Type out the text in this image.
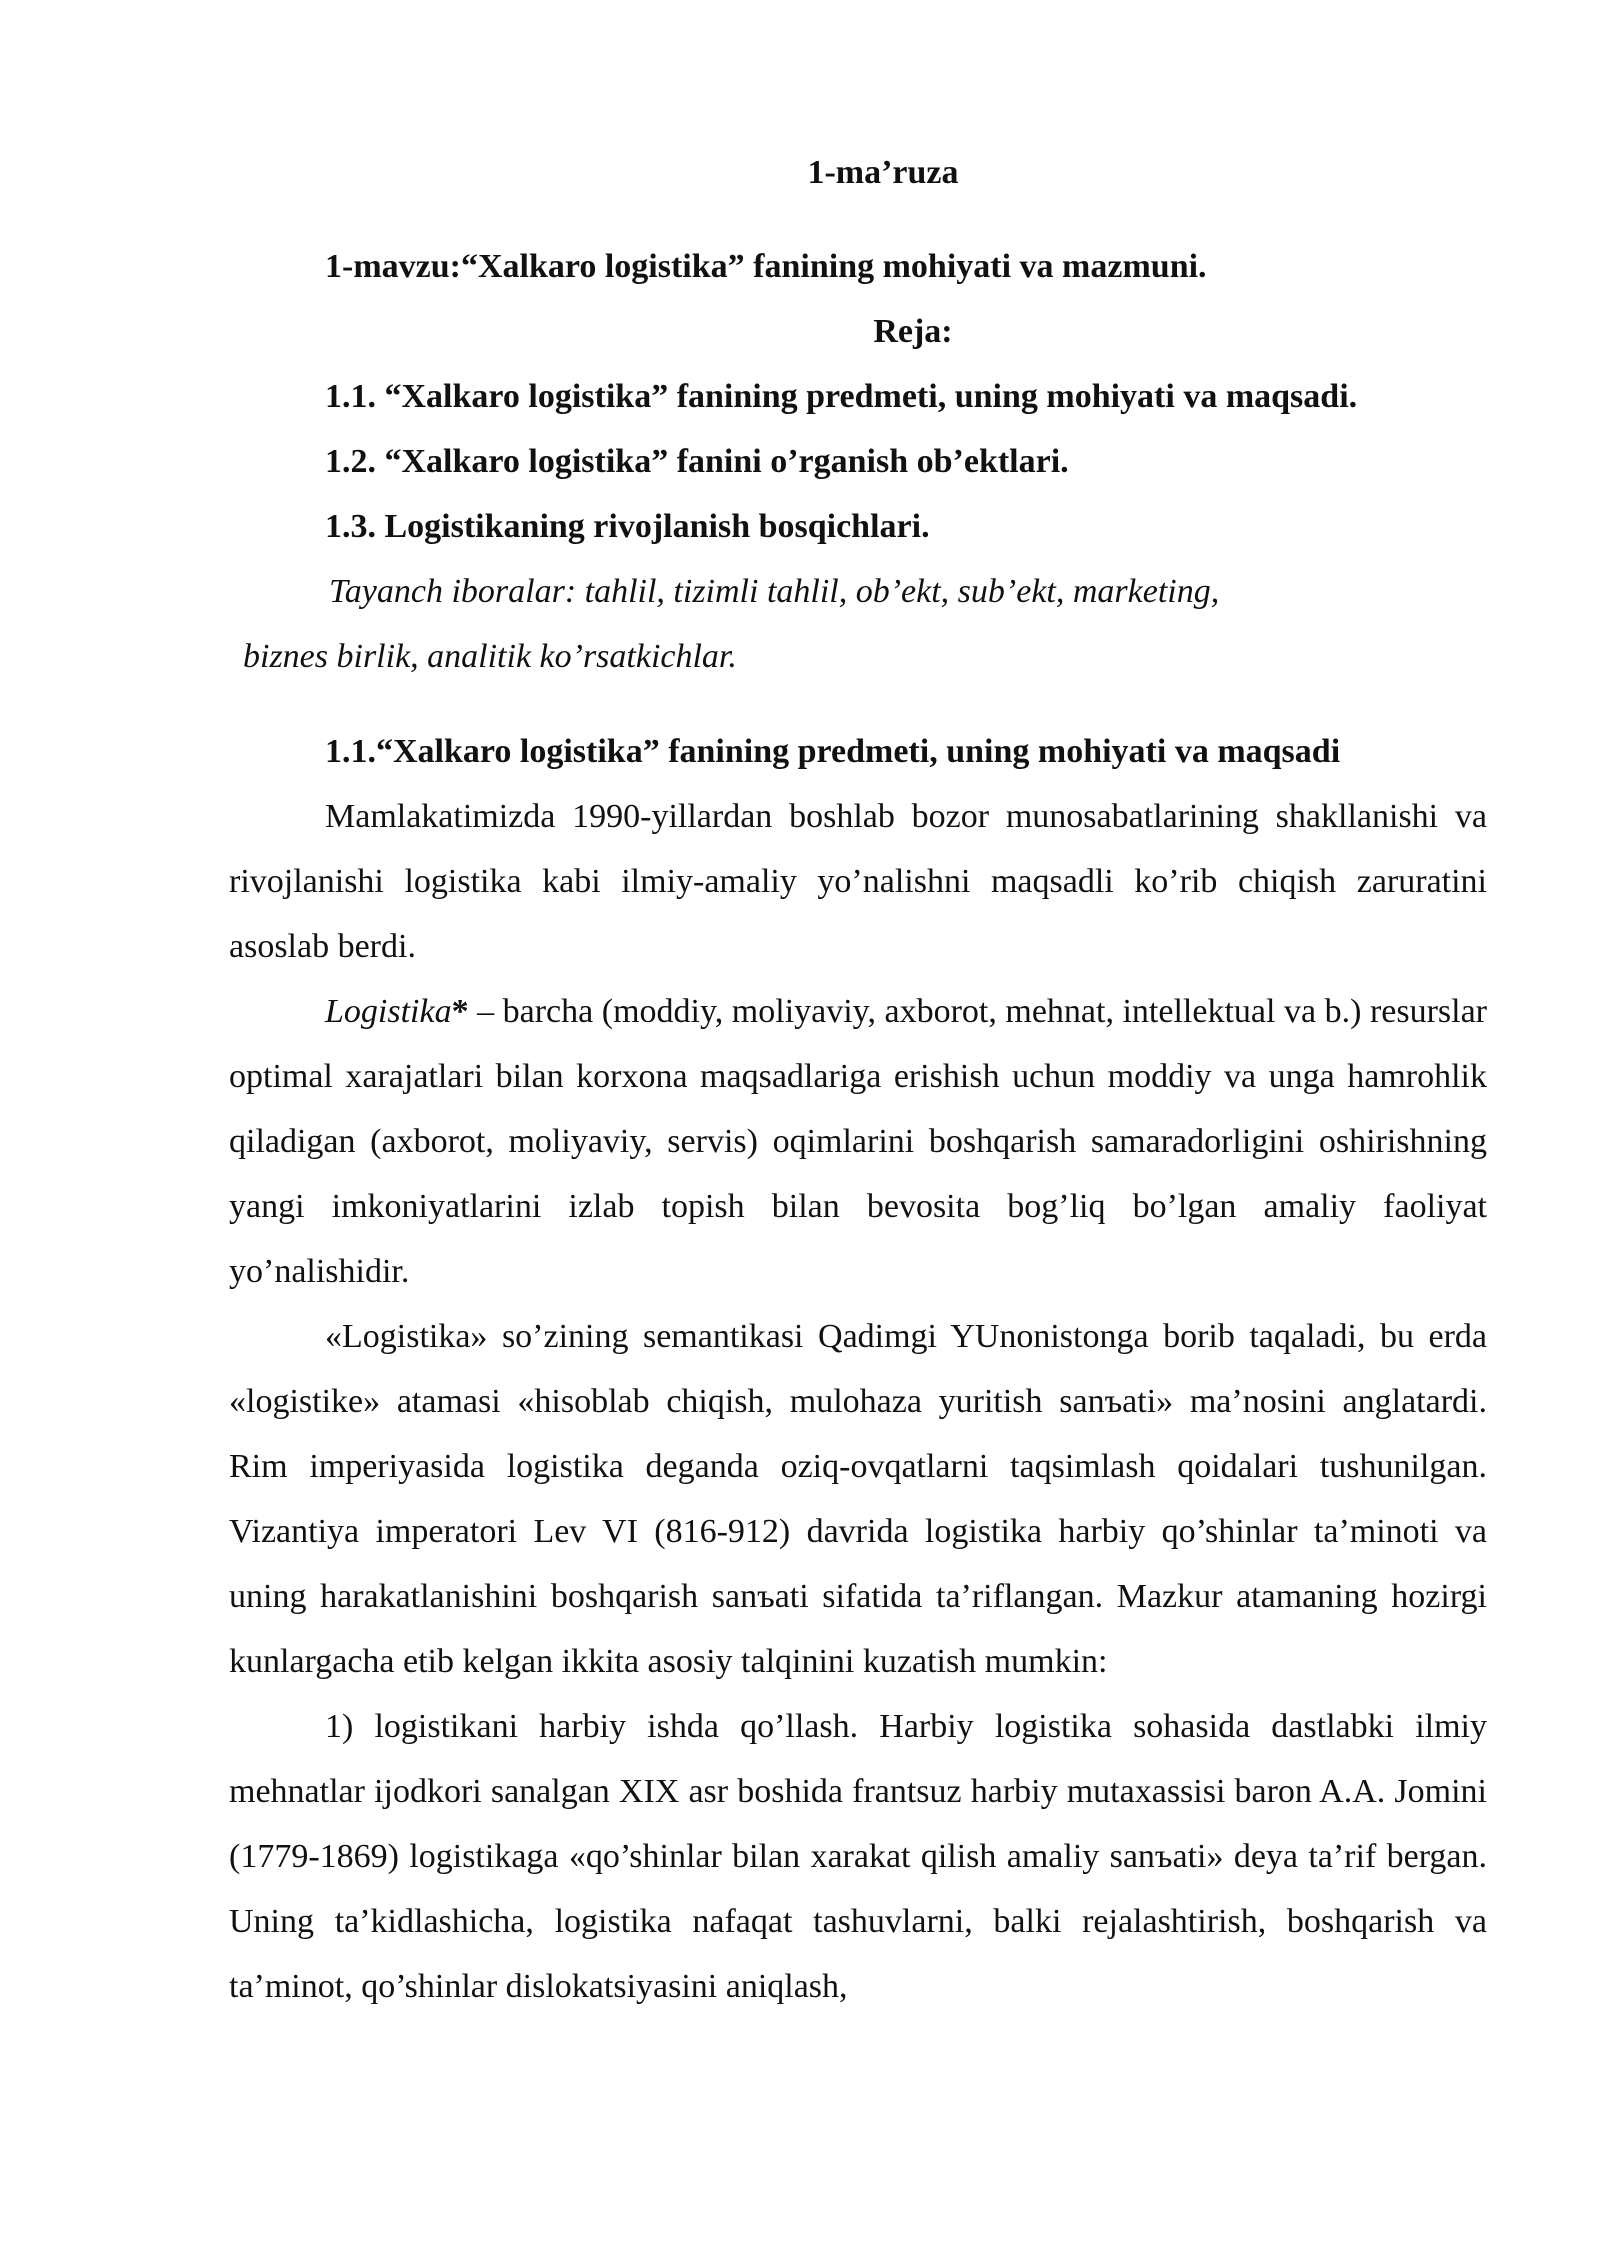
1-ma’ruza
1-mavzu:“Xalkaro logistika” fanining mohiyati va mazmuni.
Reja:
1.1. “Xalkaro logistika” fanining predmeti, uning mohiyati va maqsadi.
1.2. “Xalkaro logistika” fanini o’rganish ob’ektlari.
1.3. Logistikaning rivojlanish bosqichlari.
Tayanch iboralar: tahlil, tizimli tahlil, ob’ekt, sub’ekt, marketing,
biznes birlik, analitik ko’rsatkichlar.
1.1.“Xalkaro logistika” fanining predmeti, uning mohiyati va maqsadi

Mamlakatimizda 1990-yillardan boshlab bozor munosabatlarining shakllanishi va rivojlanishi logistika kabi ilmiy-amaliy yo’nalishni maqsadli ko’rib chiqish zaruratini asoslab berdi.

Logistika* – barcha (moddiy, moliyaviy, axborot, mehnat, intellektual va b.) resurslar optimal xarajatlari bilan korxona maqsadlariga erishish uchun moddiy va unga hamrohlik qiladigan (axborot, moliyaviy, servis) oqimlarini boshqarish samaradorligini oshirishning yangi imkoniyatlarini izlab topish bilan bevosita bog’liq bo’lgan amaliy faoliyat yo’nalishidir.

«Logistika» so’zining semantikasi Qadimgi YUnonistonga borib taqaladi, bu erda «logistike» atamasi «hisoblab chiqish, mulohaza yuritish sanъati» ma’nosini anglatardi. Rim imperiyasida logistika deganda oziq-ovqatlarni taqsimlash qoidalari tushunilgan. Vizantiya imperatori Lev VI (816-912) davrida logistika harbiy qo’shinlar ta’minoti va uning harakatlanishini boshqarish sanъati sifatida ta’riflangan. Mazkur atamaning hozirgi kunlargacha etib kelgan ikkita asosiy talqinini kuzatish mumkin:

1) logistikani harbiy ishda qo’llash. Harbiy logistika sohasida dastlabki ilmiy mehnatlar ijodkori sanalgan XIX asr boshida frantsuz harbiy mutaxassisi baron A.A. Jomini (1779-1869) logistikaga «qo’shinlar bilan xarakat qilish amaliy sanъati» deya ta’rif bergan. Uning ta’kidlashicha, logistika nafaqat tashuvlarni, balki rejalashtirish, boshqarish va ta’minot, qo’shinlar dislokatsiyasini aniqlash,
